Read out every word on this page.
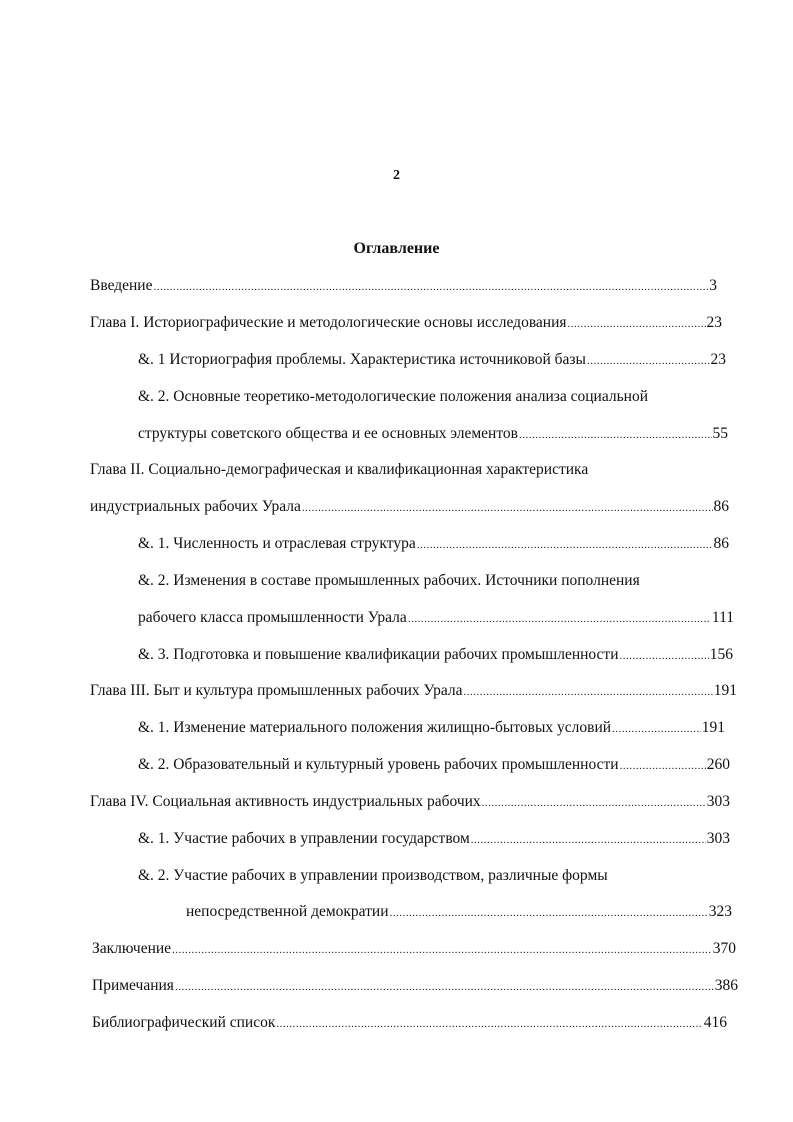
2
Оглавление
Введение .....	3
Глава I. Историографические и методологические основы исследования .....	23
&. 1 Историография проблемы. Характеристика источниковой базы .....	23
&. 2. Основные теоретико-методологические положения анализа социальной
структуры советского общества и ее основных элементов .....	55
Глава II. Социально-демографическая и квалификационная характеристика
индустриальных рабочих Урала .....	86
&. 1. Численность и отраслевая структура .....	86
&. 2. Изменения в составе промышленных рабочих. Источники пополнения
рабочего класса промышленности Урала .....	111
&. 3. Подготовка и повышение квалификации рабочих промышленности .....	156
Глава III. Быт и культура промышленных рабочих Урала .....	191
&. 1. Изменение материального положения жилищно-бытовых условий .....	191
&. 2. Образовательный и культурный уровень рабочих промышленности .....	260
Глава IV. Социальная активность индустриальных рабочих .....	303
&. 1. Участие рабочих в управлении государством .....	303
&. 2. Участие рабочих в управлении производством, различные формы
непосредственной демократии .....	323
Заключение .....	370
Примечания .....	386
Библиографический список .....	416
